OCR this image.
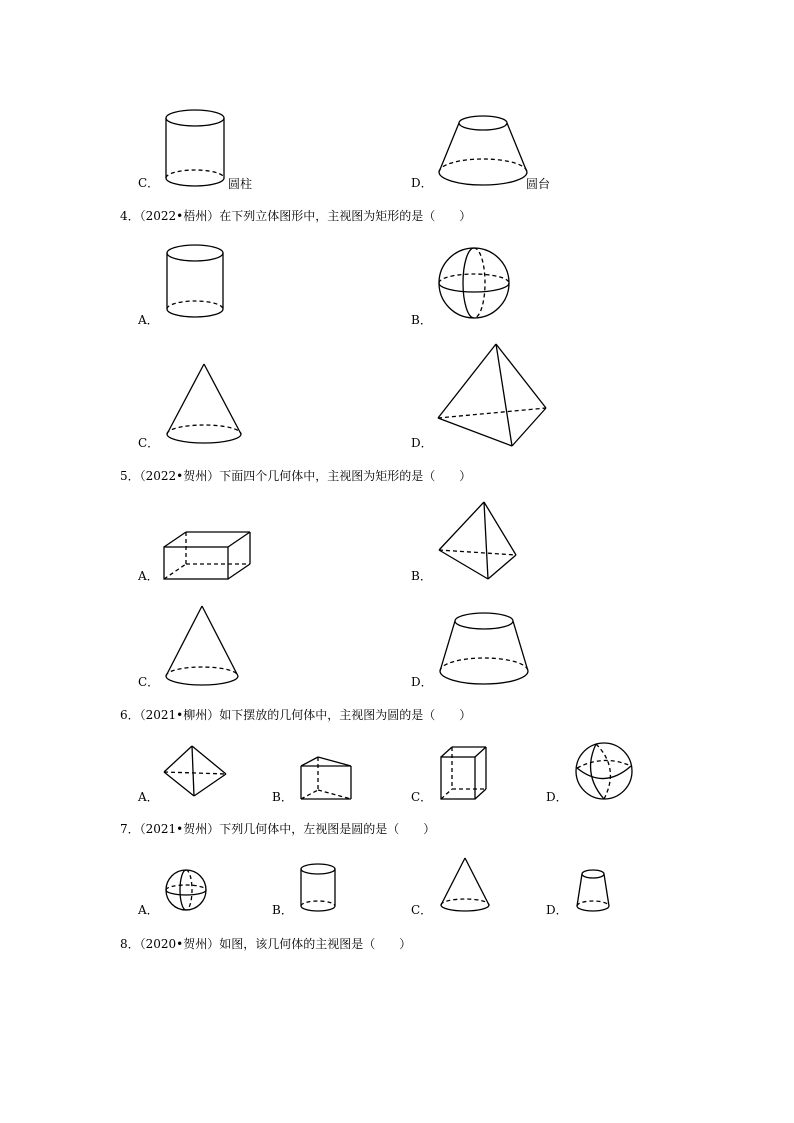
C．	圆柱	D．	圆台
4．（2022•梧州）在下列立体图形中，主视图为矩形的是（　　）
A．	B．
C．	D．
5．（2022•贺州）下面四个几何体中，主视图为矩形的是（　　）
A．	B．
C．	D．
6．（2021•柳州）如下摆放的几何体中，主视图为圆的是（　　）
A．	B．	C．	D．
7．（2021•贺州）下列几何体中，左视图是圆的是（　　）
A．	B．	C．	D．
8．（2020•贺州）如图，该几何体的主视图是（　　）
